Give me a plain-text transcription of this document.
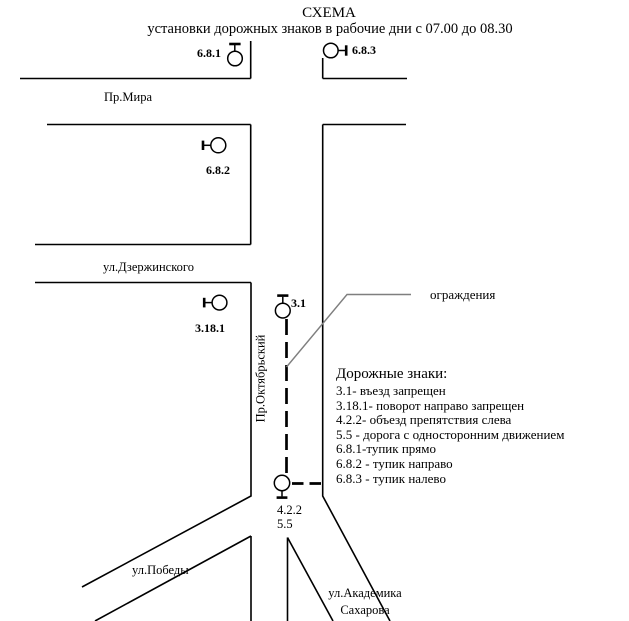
СХЕМА
установки дорожных знаков в рабочие дни с 07.00 до 08.30
6.8.1	6.8.3
6.8.2
3.18.1
3.1
4.2.2
5.5
Пр.Мира
ул.Дзержинского
Пр.Октябрьский
ул.Победы
ул.Академика
Сахарова
ограждения
Дорожные знаки:
3.1- въезд запрещен
3.18.1- поворот направо запрещен
4.2.2- объезд препятствия слева
5.5 - дорога с односторонним движением
6.8.1-тупик прямо
6.8.2 - тупик направо
6.8.3 - тупик налево
